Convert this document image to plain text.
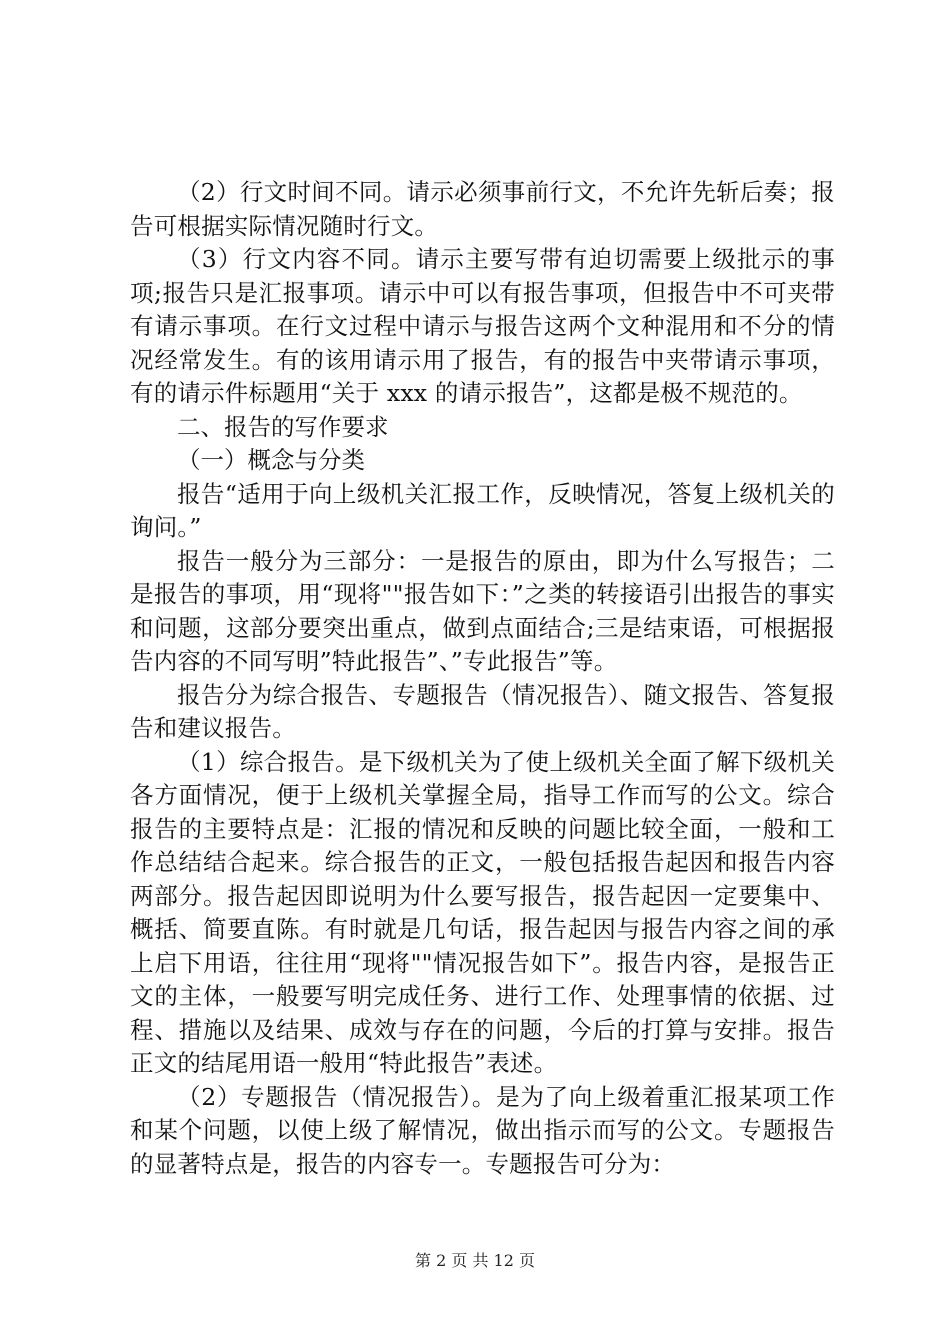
（2）行文时间不同。请示必须事前行文，不允许先斩后奏；报告可根据实际情况随时行文。

（3）行文内容不同。请示主要写带有迫切需要上级批示的事项;报告只是汇报事项。请示中可以有报告事项，但报告中不可夹带有请示事项。在行文过程中请示与报告这两个文种混用和不分的情况经常发生。有的该用请示用了报告，有的报告中夹带请示事项，有的请示件标题用“关于 xxx 的请示报告”，这都是极不规范的。

二、报告的写作要求

（一）概念与分类

报告“适用于向上级机关汇报工作，反映情况，答复上级机关的询问。”

报告一般分为三部分：一是报告的原由，即为什么写报告；二是报告的事项，用“现将""报告如下：”之类的转接语引出报告的事实和问题，这部分要突出重点，做到点面结合;三是结束语，可根据报告内容的不同写明”特此报告”、”专此报告”等。

报告分为综合报告、专题报告（情况报告）、随文报告、答复报告和建议报告。

（1）综合报告。是下级机关为了使上级机关全面了解下级机关各方面情况，便于上级机关掌握全局，指导工作而写的公文。综合报告的主要特点是：汇报的情况和反映的问题比较全面，一般和工作总结结合起来。综合报告的正文，一般包括报告起因和报告内容两部分。报告起因即说明为什么要写报告，报告起因一定要集中、概括、简要直陈。有时就是几句话，报告起因与报告内容之间的承上启下用语，往往用“现将""情况报告如下”。报告内容，是报告正文的主体，一般要写明完成任务、进行工作、处理事情的依据、过程、措施以及结果、成效与存在的问题，今后的打算与安排。报告正文的结尾用语一般用“特此报告”表述。

（2）专题报告（情况报告）。是为了向上级着重汇报某项工作和某个问题，以使上级了解情况，做出指示而写的公文。专题报告的显著特点是，报告的内容专一。专题报告可分为：

第 2 页 共 12 页
